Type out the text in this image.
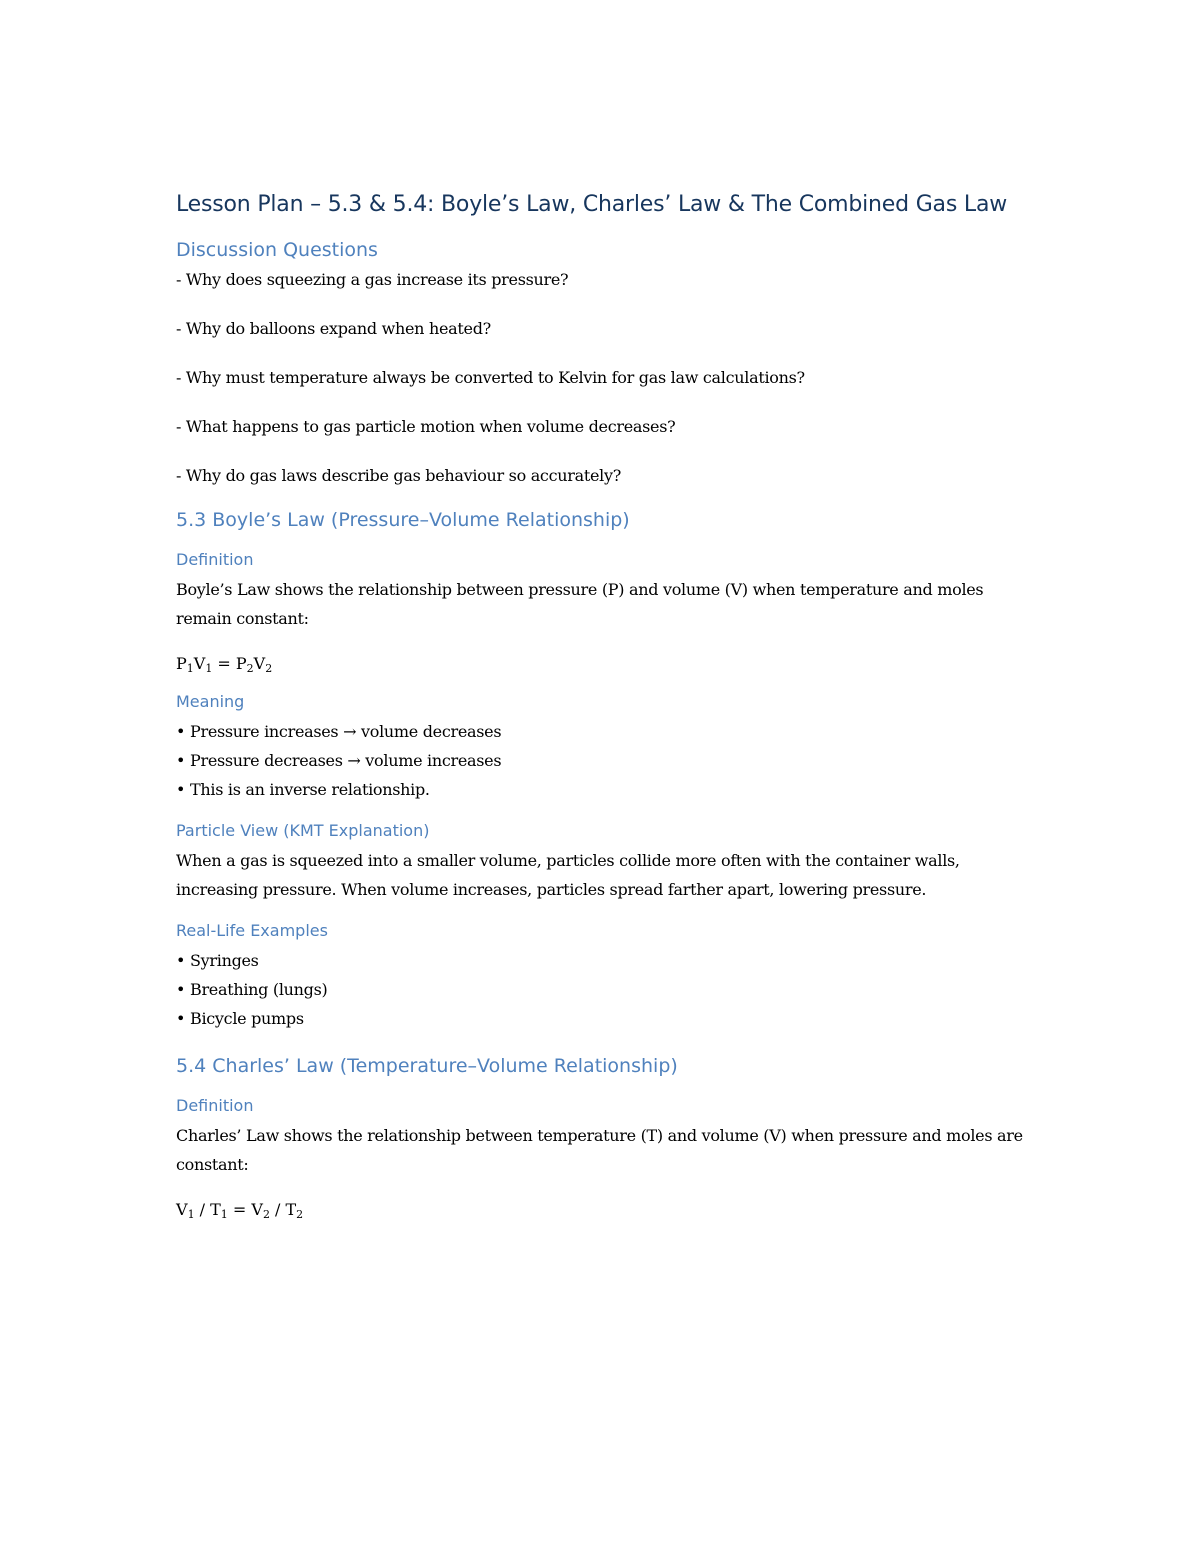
Lesson Plan – 5.3 & 5.4: Boyle’s Law, Charles’ Law & The Combined Gas Law
Discussion Questions

- Why does squeezing a gas increase its pressure?

- Why do balloons expand when heated?

- Why must temperature always be converted to Kelvin for gas law calculations?

- What happens to gas particle motion when volume decreases?

- Why do gas laws describe gas behaviour so accurately?

5.3 Boyle’s Law (Pressure–Volume Relationship)
Definition

Boyle’s Law shows the relationship between pressure (P) and volume (V) when temperature and moles remain constant:

$P_1V_1 = P_2V_2$

Meaning
• Pressure increases → volume decreases
• Pressure decreases → volume increases
• This is an inverse relationship.
Particle View (KMT Explanation)

When a gas is squeezed into a smaller volume, particles collide more often with the container walls, increasing pressure. When volume increases, particles spread farther apart, lowering pressure.

Real-Life Examples
• Syringes
• Breathing (lungs)
• Bicycle pumps
5.4 Charles’ Law (Temperature–Volume Relationship)
Definition

Charles’ Law shows the relationship between temperature (T) and volume (V) when pressure and moles are constant:

$V_1 / T_1 = V_2 / T_2$
